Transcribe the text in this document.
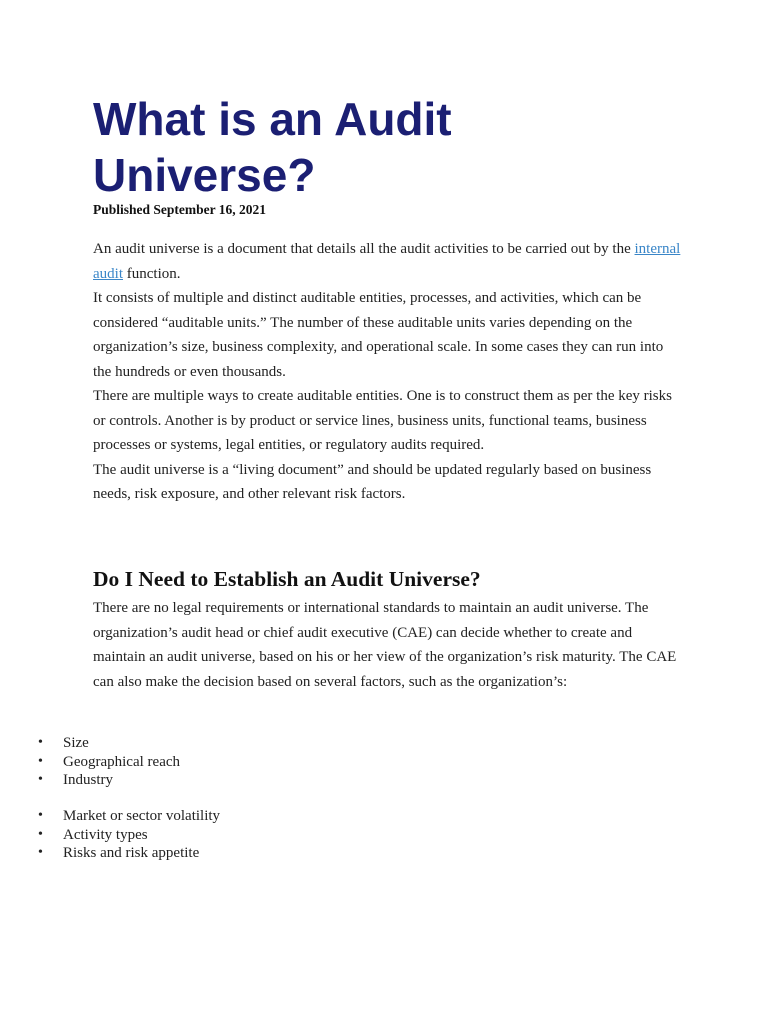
What is an Audit Universe?
Published September 16, 2021

An audit universe is a document that details all the audit activities to be carried out by the internal audit function.

It consists of multiple and distinct auditable entities, processes, and activities, which can be considered “auditable units.” The number of these auditable units varies depending on the organization’s size, business complexity, and operational scale. In some cases they can run into the hundreds or even thousands.

There are multiple ways to create auditable entities. One is to construct them as per the key risks or controls. Another is by product or service lines, business units, functional teams, business processes or systems, legal entities, or regulatory audits required.

The audit universe is a “living document” and should be updated regularly based on business needs, risk exposure, and other relevant risk factors.

Do I Need to Establish an Audit Universe?

There are no legal requirements or international standards to maintain an audit universe. The organization’s audit head or chief audit executive (CAE) can decide whether to create and maintain an audit universe, based on his or her view of the organization’s risk maturity. The CAE can also make the decision based on several factors, such as the organization’s:

• Size
• Geographical reach
• Industry
• Market or sector volatility
• Activity types
• Risks and risk appetite
